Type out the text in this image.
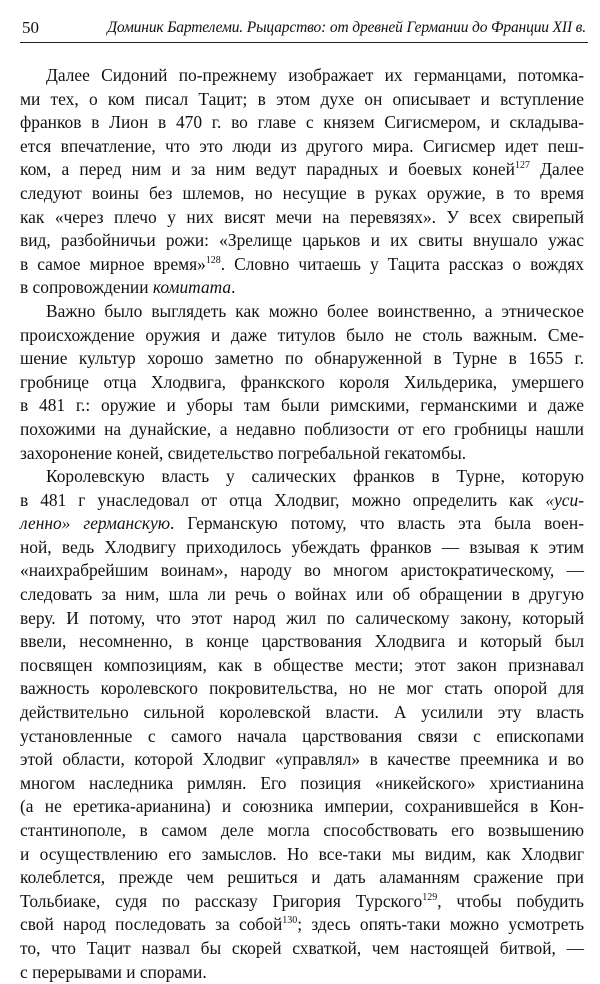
50	Доминик Бартелеми. Рыцарство: от древней Германии до Франции XII в.

Далее Сидоний по-прежнему изображает их германцами, потомка-
ми тех, о ком писал Тацит; в этом духе он описывает и вступление
франков в Лион в 470 г. во главе с князем Сигисмером, и складыва-
ется впечатление, что это люди из другого мира. Сигисмер идет пеш-
ком, а перед ним и за ним ведут парадных и боевых коней$^{127}$ Далее
следуют воины без шлемов, но несущие в руках оружие, в то время
как «через плечо у них висят мечи на перевязях». У всех свирепый
вид, разбойничьи рожи: «Зрелище царьков и их свиты внушало ужас
в самое мирное время»$^{128}$. Словно читаешь у Тацита рассказ о вождях
в сопровождении комитата.

Важно было выглядеть как можно более воинственно, а этническое
происхождение оружия и даже титулов было не столь важным. Сме-
шение культур хорошо заметно по обнаруженной в Турне в 1655 г.
гробнице отца Хлодвига, франкского короля Хильдерика, умершего
в 481 г.: оружие и уборы там были римскими, германскими и даже
похожими на дунайские, а недавно поблизости от его гробницы нашли
захоронение коней, свидетельство погребальной гекатомбы.

Королевскую власть у салических франков в Турне, которую
в 481 г унаследовал от отца Хлодвиг, можно определить как «уси-
ленно» германскую. Германскую потому, что власть эта была воен-
ной, ведь Хлодвигу приходилось убеждать франков — взывая к этим
«наихрабрейшим воинам», народу во многом аристократическому, —
следовать за ним, шла ли речь о войнах или об обращении в другую
веру. И потому, что этот народ жил по салическому закону, который
ввели, несомненно, в конце царствования Хлодвига и который был
посвящен композициям, как в обществе мести; этот закон признавал
важность королевского покровительства, но не мог стать опорой для
действительно сильной королевской власти. А усилили эту власть
установленные с самого начала царствования связи с епископами
этой области, которой Хлодвиг «управлял» в качестве преемника и во
многом наследника римлян. Его позиция «никейского» христианина
(а не еретика-арианина) и союзника империи, сохранившейся в Кон-
стантинополе, в самом деле могла способствовать его возвышению
и осуществлению его замыслов. Но все-таки мы видим, как Хлодвиг
колеблется, прежде чем решиться и дать аламанням сражение при
Тольбиаке, судя по рассказу Григория Турского$^{129}$, чтобы побудить
свой народ последовать за собой$^{130}$; здесь опять-таки можно усмотреть
то, что Тацит назвал бы скорей схваткой, чем настоящей битвой, —
с перерывами и спорами.
